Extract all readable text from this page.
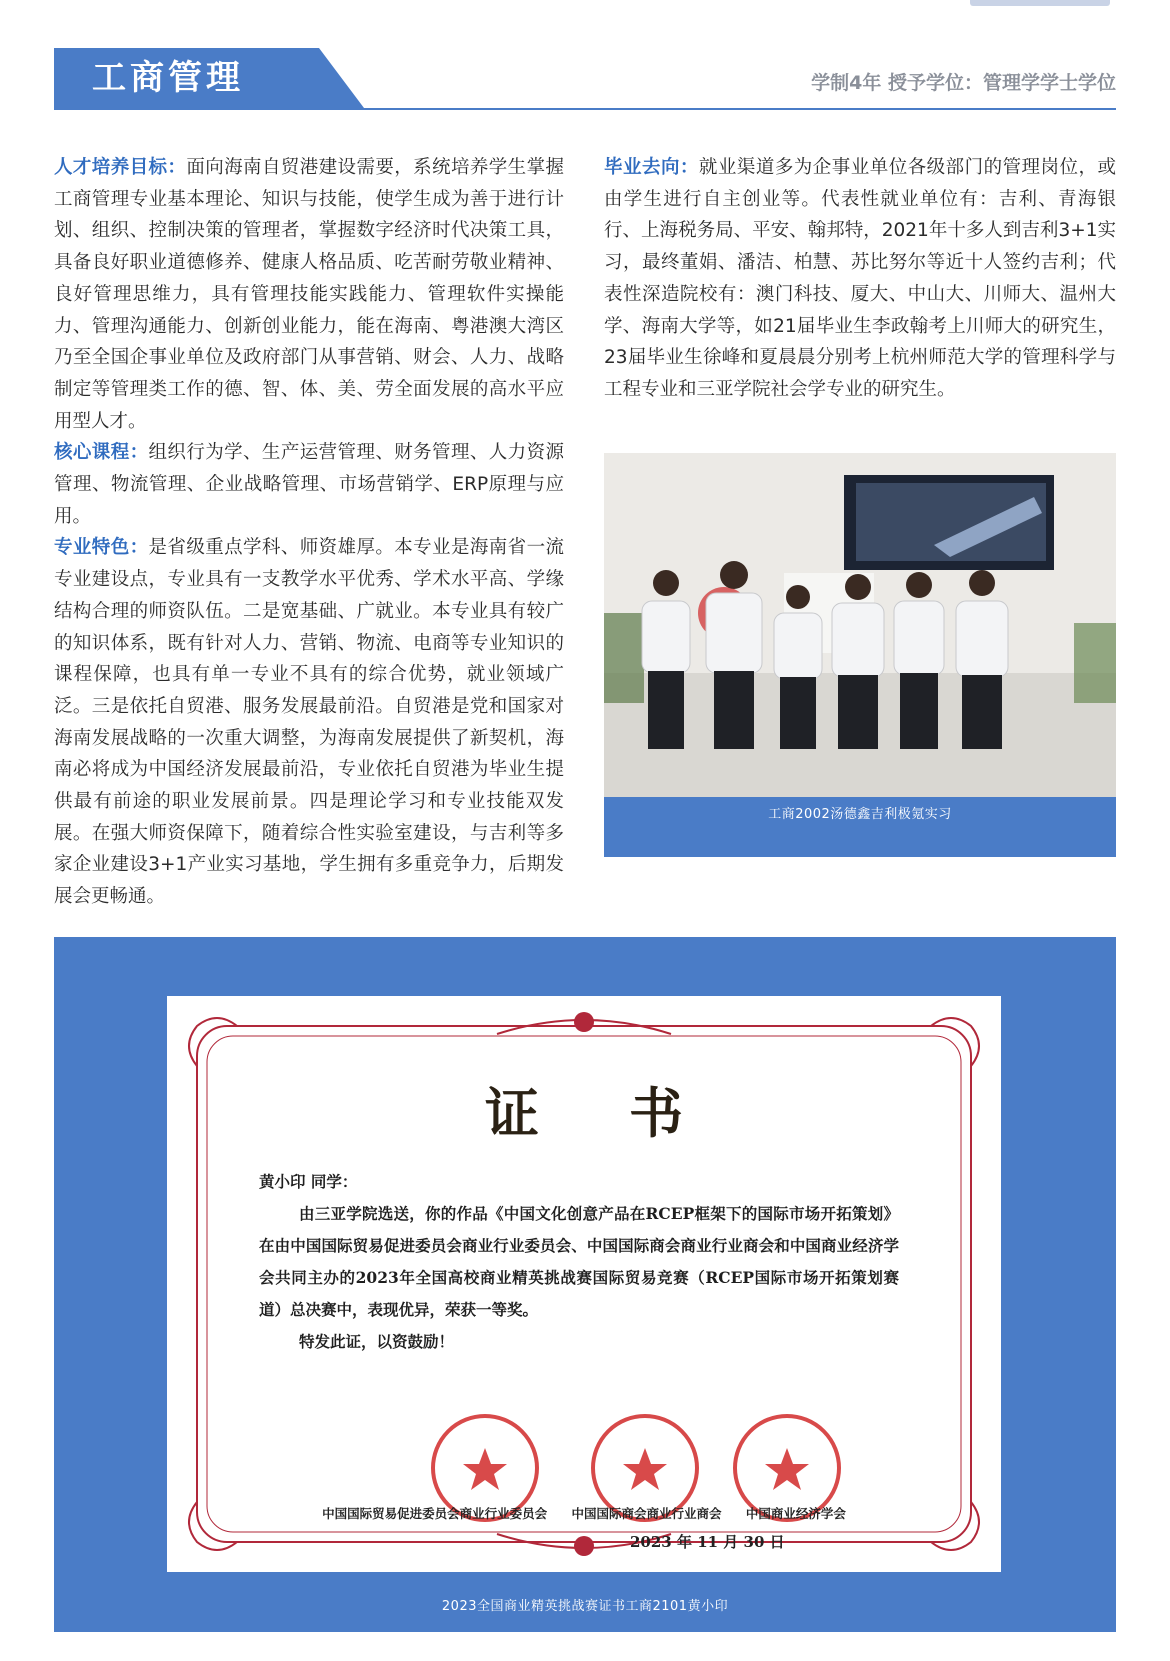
工商管理	学制4年 授予学位：管理学学士学位

人才培养目标：面向海南自贸港建设需要，系统培养学生掌握工商管理专业基本理论、知识与技能，使学生成为善于进行计划、组织、控制决策的管理者，掌握数字经济时代决策工具，具备良好职业道德修养、健康人格品质、吃苦耐劳敬业精神、良好管理思维力，具有管理技能实践能力、管理软件实操能力、管理沟通能力、创新创业能力，能在海南、粤港澳大湾区乃至全国企事业单位及政府部门从事营销、财会、人力、战略制定等管理类工作的德、智、体、美、劳全面发展的高水平应用型人才。

核心课程：组织行为学、生产运营管理、财务管理、人力资源管理、物流管理、企业战略管理、市场营销学、ERP原理与应用。

专业特色：是省级重点学科、师资雄厚。本专业是海南省一流专业建设点，专业具有一支教学水平优秀、学术水平高、学缘结构合理的师资队伍。二是宽基础、广就业。本专业具有较广的知识体系，既有针对人力、营销、物流、电商等专业知识的课程保障，也具有单一专业不具有的综合优势，就业领域广泛。三是依托自贸港、服务发展最前沿。自贸港是党和国家对海南发展战略的一次重大调整，为海南发展提供了新契机，海南必将成为中国经济发展最前沿，专业依托自贸港为毕业生提供最有前途的职业发展前景。四是理论学习和专业技能双发展。在强大师资保障下，随着综合性实验室建设，与吉利等多家企业建设3+1产业实习基地，学生拥有多重竞争力，后期发展会更畅通。

毕业去向：就业渠道多为企事业单位各级部门的管理岗位，或由学生进行自主创业等。代表性就业单位有：吉利、青海银行、上海税务局、平安、翰邦特，2021年十多人到吉利3+1实习，最终董娟、潘洁、柏慧、苏比努尔等近十人签约吉利；代表性深造院校有：澳门科技、厦大、中山大、川师大、温州大学、海南大学等，如21届毕业生李政翰考上川师大的研究生，23届毕业生徐峰和夏晨晨分别考上杭州师范大学的管理科学与工程专业和三亚学院社会学专业的研究生。

工商2002汤德鑫吉利极氪实习
证书

黄小印 同学：

由三亚学院选送，你的作品《中国文化创意产品在RCEP框架下的国际市场开拓策划》在由中国国际贸易促进委员会商业行业委员会、中国国际商会商业行业商会和中国商业经济学会共同主办的2023年全国高校商业精英挑战赛国际贸易竞赛（RCEP国际市场开拓策划赛道）总决赛中，表现优异，荣获一等奖。

特发此证，以资鼓励！

中国国际贸易促进委员会商业行业委员会 中国国际商会商业行业商会 中国商业经济学会
2023 年 11 月 30 日
2023全国商业精英挑战赛证书工商2101黄小印
